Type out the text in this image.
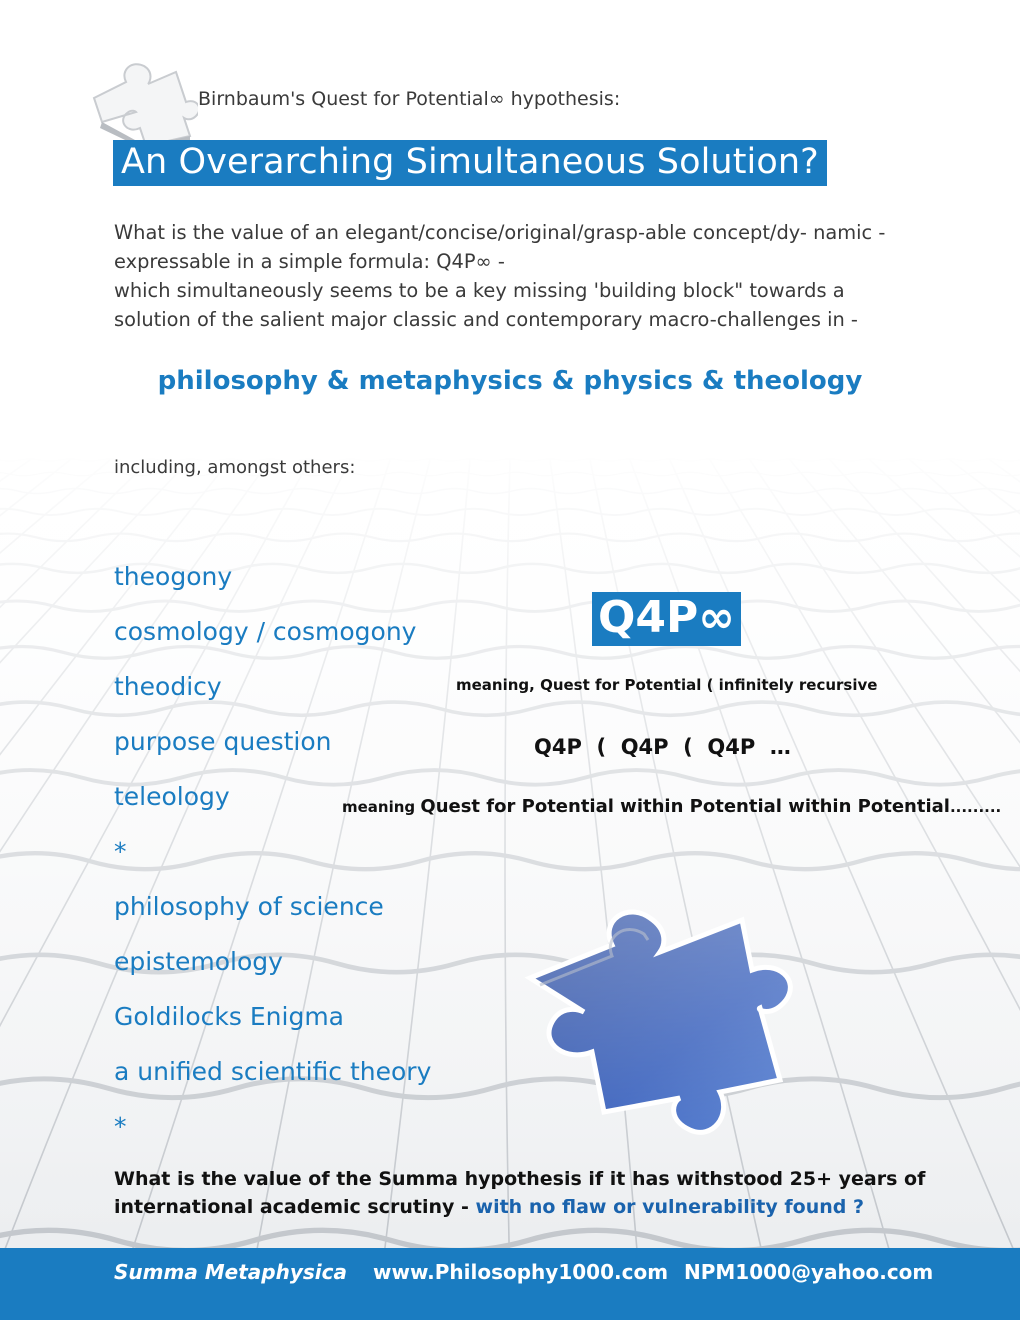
Birnbaum's Quest for Potential∞ hypothesis:
An Overarching Simultaneous Solution?

What is the value of an elegant/concise/original/grasp-able concept/dy- namic - expressable in a simple formula: Q4P∞ -

which simultaneously seems to be a key missing 'building block" towards a solution of the salient major classic and contemporary macro-challenges in -

philosophy & metaphysics & physics & theology
including, amongst others:
theogony
cosmology / cosmogony
theodicy
purpose question
teleology
*
philosophy of science
epistemology
Goldilocks Enigma
a unified scientific theory
*
Q4P∞
meaning, Quest for Potential ( infinitely recursive
Q4P  (  Q4P  (  Q4P  …
meaning Quest for Potential within Potential within Potential.........
What is the value of the Summa hypothesis if it has withstood 25+ years of international academic scrutiny - with no flaw or vulnerability found ?
Summa Metaphysica www.Philosophy1000.com NPM1000@yahoo.com
